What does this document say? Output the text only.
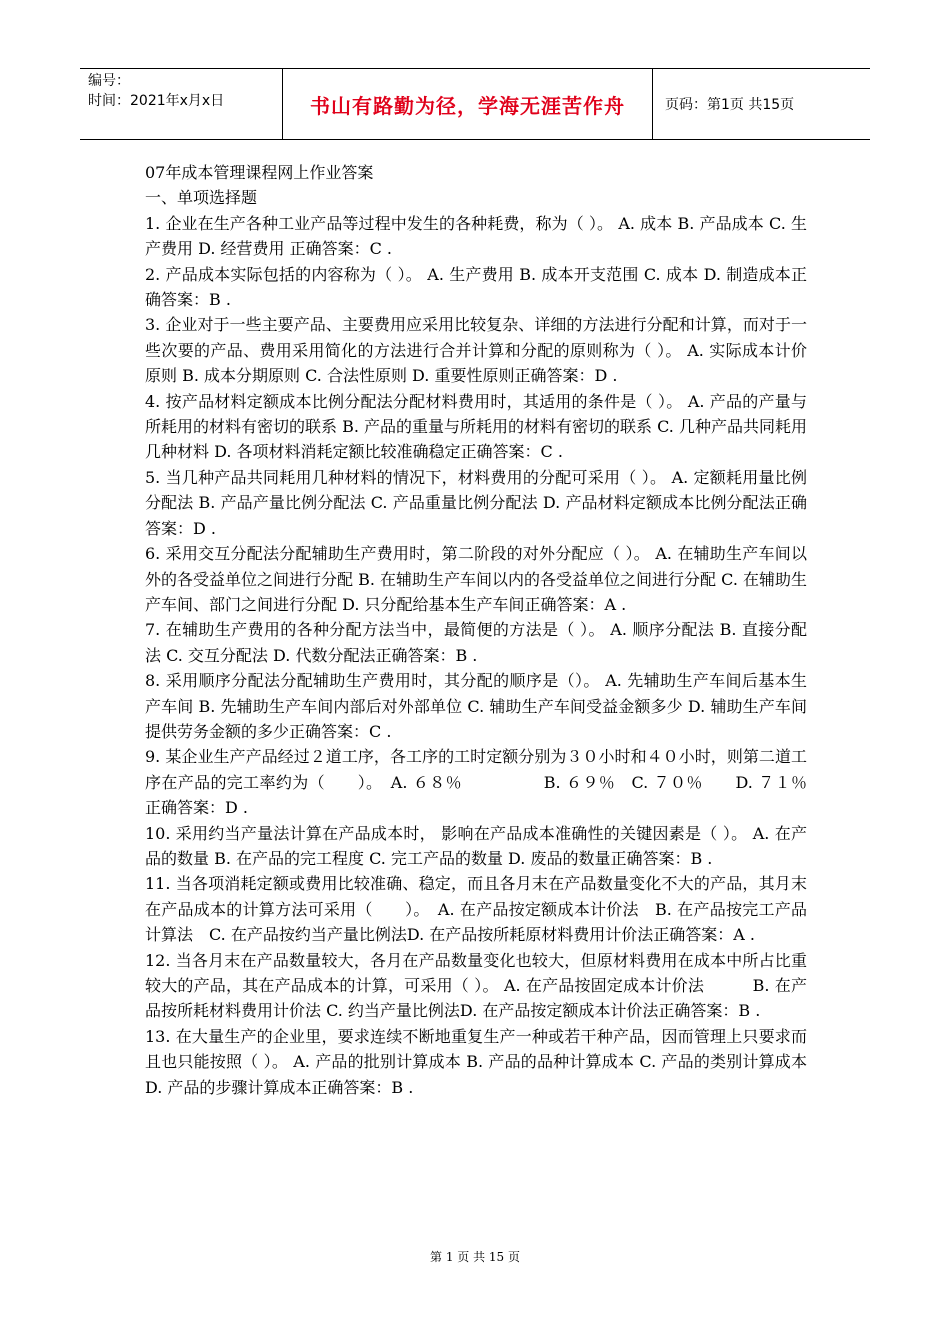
编号：
时间：2021年x月x日	书山有路勤为径，学海无涯苦作舟	页码：第1页 共15页

07年成本管理课程网上作业答案

一、单项选择题

1. 企业在生产各种工业产品等过程中发生的各种耗费，称为（ ）。 A. 成本 B. 产品成本 C. 生产费用 D. 经营费用 正确答案：C .

2. 产品成本实际包括的内容称为（ ）。 A. 生产费用 B. 成本开支范围 C. 成本 D. 制造成本正确答案：B .

3. 企业对于一些主要产品、主要费用应采用比较复杂、详细的方法进行分配和计算，而对于一些次要的产品、费用采用简化的方法进行合并计算和分配的原则称为（ ）。 A. 实际成本计价原则 B. 成本分期原则 C. 合法性原则 D. 重要性原则正确答案：D .

4. 按产品材料定额成本比例分配法分配材料费用时，其适用的条件是（ ）。 A. 产品的产量与所耗用的材料有密切的联系 B. 产品的重量与所耗用的材料有密切的联系 C. 几种产品共同耗用几种材料 D. 各项材料消耗定额比较准确稳定正确答案：C .

5. 当几种产品共同耗用几种材料的情况下，材料费用的分配可采用（ ）。 A. 定额耗用量比例分配法 B. 产品产量比例分配法 C. 产品重量比例分配法 D. 产品材料定额成本比例分配法正确答案：D .

6. 采用交互分配法分配辅助生产费用时，第二阶段的对外分配应（ ）。 A. 在辅助生产车间以外的各受益单位之间进行分配 B. 在辅助生产车间以内的各受益单位之间进行分配 C. 在辅助生产车间、部门之间进行分配 D. 只分配给基本生产车间正确答案：A .

7. 在辅助生产费用的各种分配方法当中，最简便的方法是（ ）。 A. 顺序分配法 B. 直接分配法 C. 交互分配法 D. 代数分配法正确答案：B .

8. 采用顺序分配法分配辅助生产费用时，其分配的顺序是（）。 A. 先辅助生产车间后基本生产车间 B. 先辅助生产车间内部后对外部单位 C. 辅助生产车间受益金额多少 D. 辅助生产车间提供劳务金额的多少正确答案：C .

9. 某企业生产产品经过２道工序，各工序的工时定额分别为３０小时和４０小时，则第二道工序在产品的完工率约为（　　）。　A. ６８％　　　　　B. ６９％　C. ７０％　　D. ７１％正确答案：D .

10. 采用约当产量法计算在产品成本时， 影响在产品成本准确性的关键因素是（ ）。 A. 在产品的数量 B. 在产品的完工程度 C. 完工产品的数量 D. 废品的数量正确答案：B .

11. 当各项消耗定额或费用比较准确、稳定，而且各月末在产品数量变化不大的产品，其月末在产品成本的计算方法可采用（　　）。　A. 在产品按定额成本计价法　B. 在产品按完工产品计算法　C. 在产品按约当产量比例法D. 在产品按所耗原材料费用计价法正确答案：A .

12. 当各月末在产品数量较大，各月在产品数量变化也较大，但原材料费用在成本中所占比重较大的产品，其在产品成本的计算，可采用（ ）。 A. 在产品按固定成本计价法　　　B. 在产品按所耗材料费用计价法 C. 约当产量比例法D. 在产品按定额成本计价法正确答案：B .

13. 在大量生产的企业里，要求连续不断地重复生产一种或若干种产品，因而管理上只要求而且也只能按照（ ）。 A. 产品的批别计算成本 B. 产品的品种计算成本 C. 产品的类别计算成本 D. 产品的步骤计算成本正确答案：B .

第 1 页 共 15 页
